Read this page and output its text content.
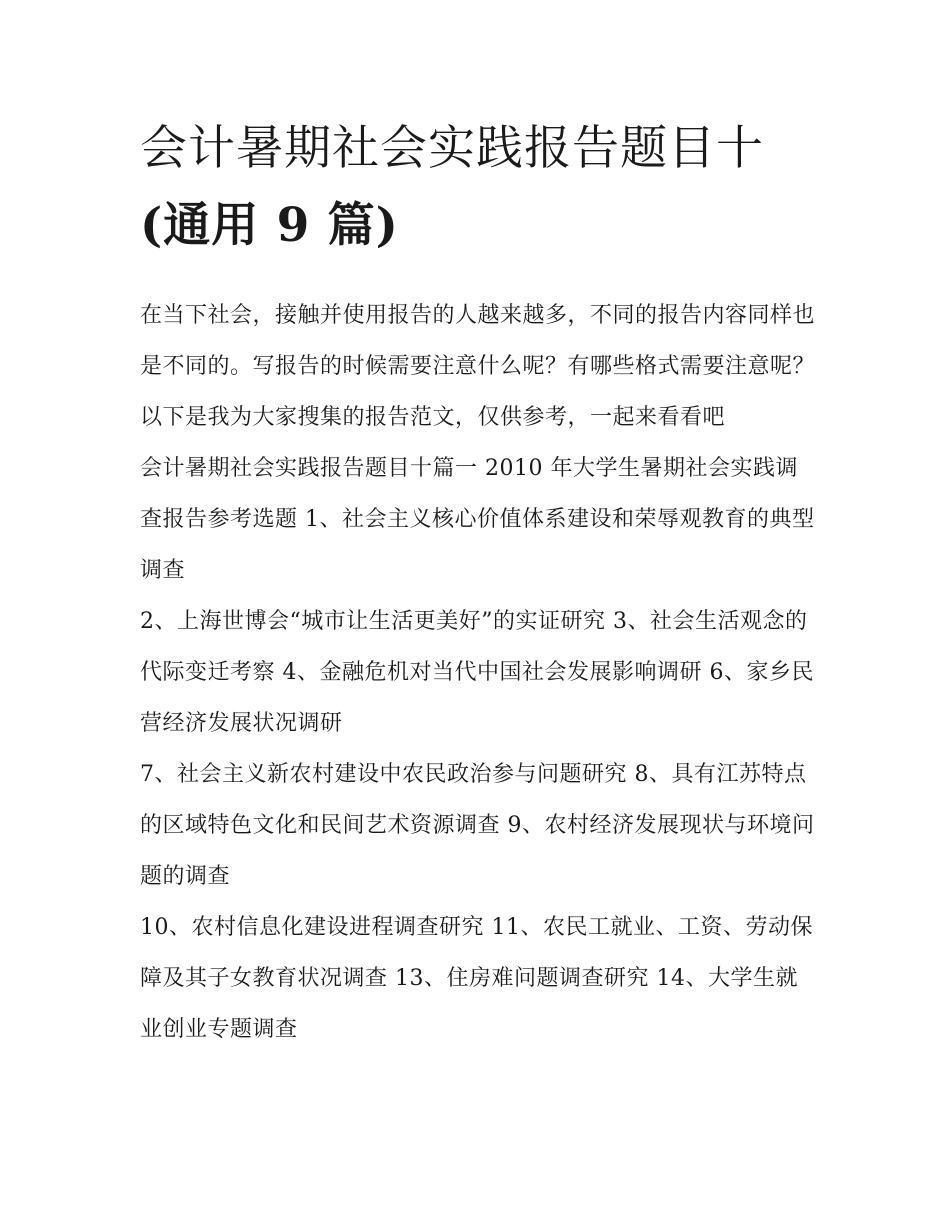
会计暑期社会实践报告题目十
(通用 9 篇)

在当下社会，接触并使用报告的人越来越多，不同的报告内容同样也是不同的。写报告的时候需要注意什么呢？有哪些格式需要注意呢？以下是我为大家搜集的报告范文，仅供参考，一起来看看吧

会计暑期社会实践报告题目十篇一 2010 年大学生暑期社会实践调查报告参考选题 1、社会主义核心价值体系建设和荣辱观教育的典型调查

2、上海世博会“城市让生活更美好”的实证研究 3、社会生活观念的代际变迁考察 4、金融危机对当代中国社会发展影响调研 6、家乡民营经济发展状况调研

7、社会主义新农村建设中农民政治参与问题研究 8、具有江苏特点的区域特色文化和民间艺术资源调查 9、农村经济发展现状与环境问题的调查

10、农村信息化建设进程调查研究 11、农民工就业、工资、劳动保障及其子女教育状况调查 13、住房难问题调查研究 14、大学生就业创业专题调查
